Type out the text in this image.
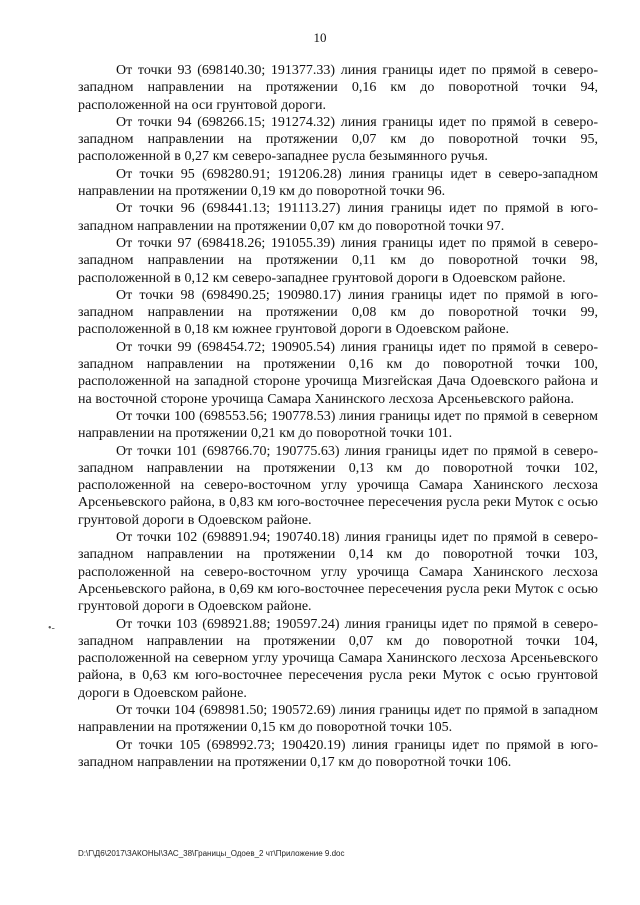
10

От точки 93 (698140.30; 191377.33) линия границы идет по прямой в северо-западном направлении на протяжении 0,16 км до поворотной точки 94, расположенной на оси грунтовой дороги.

От точки 94 (698266.15; 191274.32) линия границы идет по прямой в северо-западном направлении на протяжении 0,07 км до поворотной точки 95, расположенной в 0,27 км северо-западнее русла безымянного ручья.

От точки 95 (698280.91; 191206.28) линия границы идет в северо-западном направлении на протяжении 0,19 км до поворотной точки 96.

От точки 96 (698441.13; 191113.27) линия границы идет по прямой в юго-западном направлении на протяжении 0,07 км до поворотной точки 97.

От точки 97 (698418.26; 191055.39) линия границы идет по прямой в северо-западном направлении на протяжении 0,11 км до поворотной точки 98, расположенной в 0,12 км северо-западнее грунтовой дороги в Одоевском районе.

От точки 98 (698490.25; 190980.17) линия границы идет по прямой в юго-западном направлении на протяжении 0,08 км до поворотной точки 99, расположенной в 0,18 км южнее грунтовой дороги в Одоевском районе.

От точки 99 (698454.72; 190905.54) линия границы идет по прямой в северо-западном направлении на протяжении 0,16 км до поворотной точки 100, расположенной на западной стороне урочища Мизгейская Дача Одоевского района и на восточной стороне урочища Самара Ханинского лесхоза Арсеньевского района.

От точки 100 (698553.56; 190778.53) линия границы идет по прямой в северном направлении на протяжении 0,21 км до поворотной точки 101.

От точки 101 (698766.70; 190775.63) линия границы идет по прямой в северо-западном направлении на протяжении 0,13 км до поворотной точки 102, расположенной на северо-восточном углу урочища Самара Ханинского лесхоза Арсеньевского района, в 0,83 км юго-восточнее пересечения русла реки Муток с осью грунтовой дороги в Одоевском районе.

От точки 102 (698891.94; 190740.18) линия границы идет по прямой в северо-западном направлении на протяжении 0,14 км до поворотной точки 103, расположенной на северо-восточном углу урочища Самара Ханинского лесхоза Арсеньевского района, в 0,69 км юго-восточнее пересечения русла реки Муток с осью грунтовой дороги в Одоевском районе.

От точки 103 (698921.88; 190597.24) линия границы идет по прямой в северо-западном направлении на протяжении 0,07 км до поворотной точки 104, расположенной на северном углу урочища Самара Ханинского лесхоза Арсеньевского района, в 0,63 км юго-восточнее пересечения русла реки Муток с осью грунтовой дороги в Одоевском районе.

От точки 104 (698981.50; 190572.69) линия границы идет по прямой в западном направлении на протяжении 0,15 км до поворотной точки 105.

От точки 105 (698992.73; 190420.19) линия границы идет по прямой в юго-западном направлении на протяжении 0,17 км до поворотной точки 106.

•-
D:\Г\Д6\2017\ЗАКОНЫ\ЗАС_38\Границы_Одоев_2 чт\Приложение 9.doc
